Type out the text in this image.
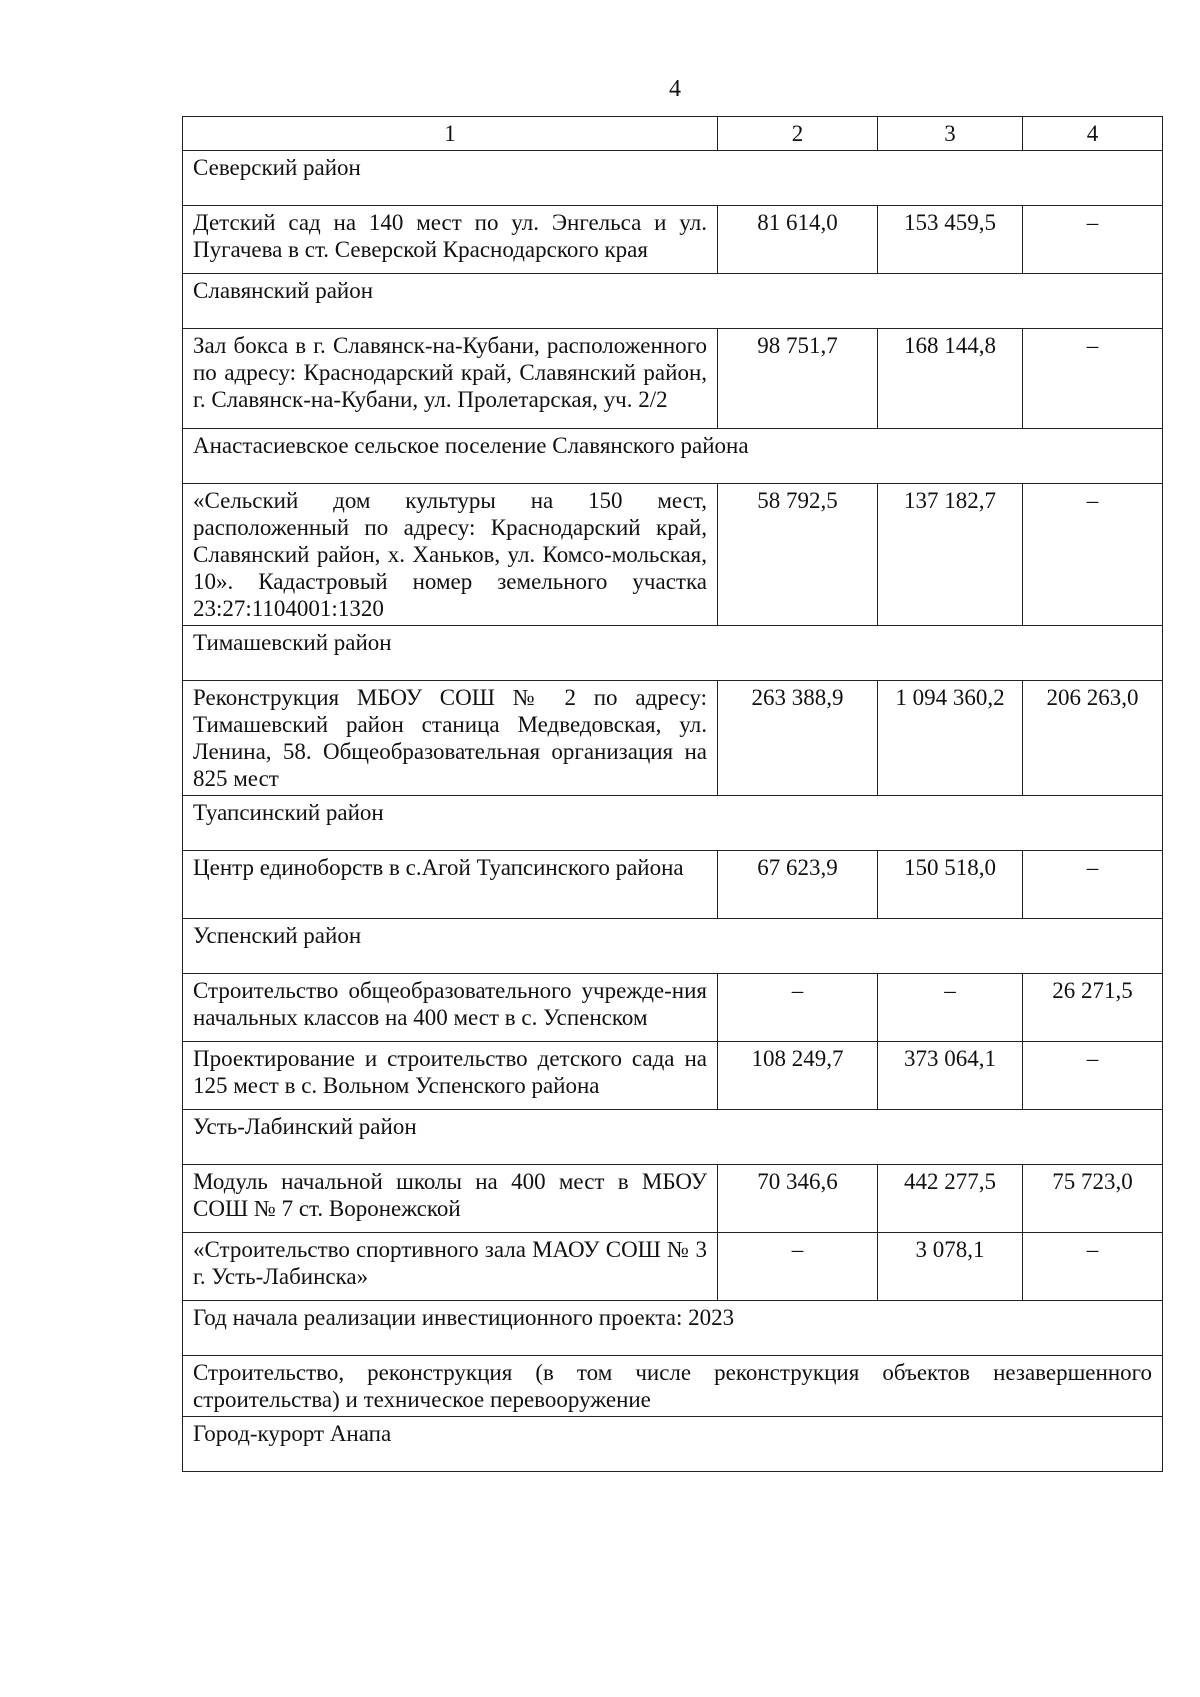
4
1	2	3	4
Северский район			
Детский сад на 140 мест по ул. Энгельса и ул. Пугачева в ст. Северской Краснодарского края	81 614,0	153 459,5	–
Славянский район			
Зал бокса в г. Славянск-на-Кубани, расположенного по адресу: Краснодарский край, Славянский район, г. Славянск-на-Кубани, ул. Пролетарская, уч. 2/2	98 751,7	168 144,8	–
Анастасиевское сельское поселение Славянского района			
«Сельский дом культуры на 150 мест, расположенный по адресу: Краснодарский край, Славянский район, х. Ханьков, ул. Комсо-мольская, 10». Кадастровый номер земельного участка 23:27:1104001:1320	58 792,5	137 182,7	–
Тимашевский район			
Реконструкция МБОУ СОШ № 2 по адресу: Тимашевский район станица Медведовская, ул. Ленина, 58. Общеобразовательная организация на 825 мест	263 388,9	1 094 360,2	206 263,0
Туапсинский район			
Центр единоборств в с.Агой Туапсинского района	67 623,9	150 518,0	–
Успенский район			
Строительство общеобразовательного учрежде-ния начальных классов на 400 мест в с. Успенском	–	–	26 271,5
Проектирование и строительство детского сада на 125 мест в с. Вольном Успенского района	108 249,7	373 064,1	–
Усть-Лабинский район			
Модуль начальной школы на 400 мест в МБОУ СОШ № 7 ст. Воронежской	70 346,6	442 277,5	75 723,0
«Строительство спортивного зала МАОУ СОШ № 3 г. Усть-Лабинска»	–	3 078,1	–
Год начала реализации инвестиционного проекта: 2023			
Строительство, реконструкция (в том числе реконструкция объектов незавершенного строительства) и техническое перевооружение			
Город-курорт Анапа			
